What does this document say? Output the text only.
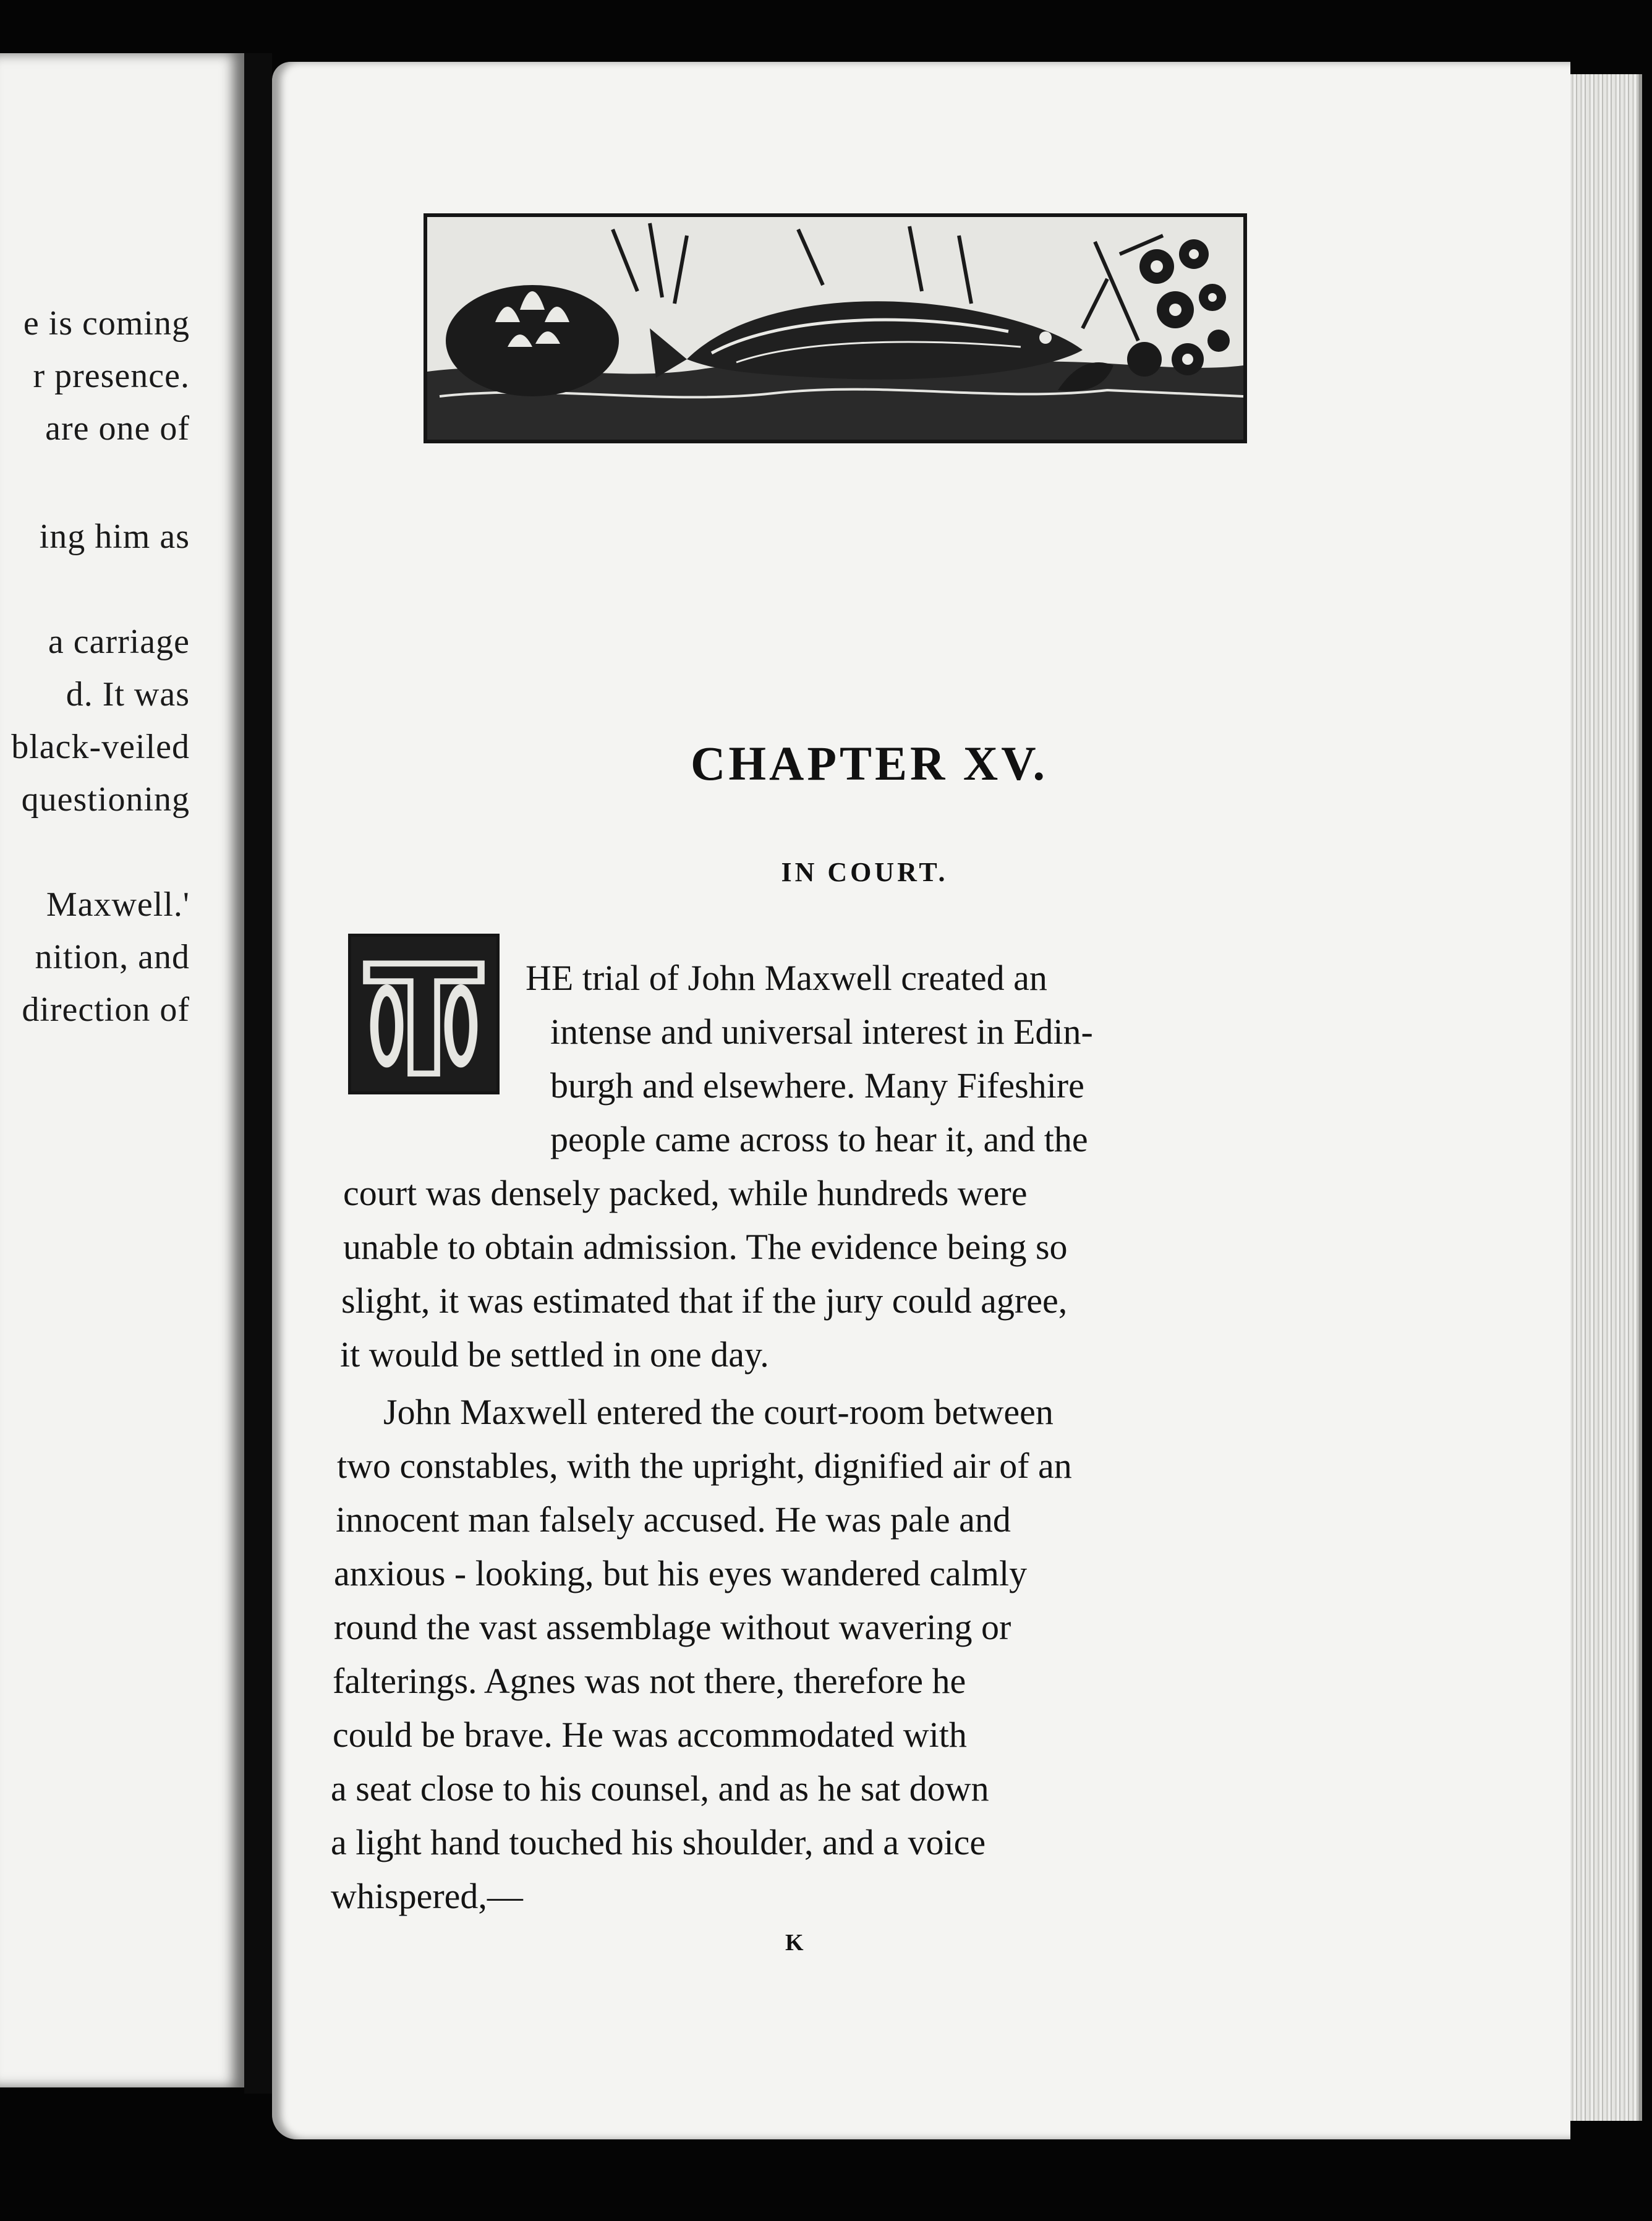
e is coming

r presence.

are one of

ing him as

a carriage

d. It was

black-veiled

questioning

Maxwell.'

nition, and

direction of

CHAPTER XV.

IN COURT.

HE trial of John Maxwell created an

intense and universal interest in Edin-

burgh and elsewhere. Many Fifeshire

people came across to hear it, and the

court was densely packed, while hundreds were

unable to obtain admission. The evidence being so

slight, it was estimated that if the jury could agree,

it would be settled in one day.

John Maxwell entered the court-room between

two constables, with the upright, dignified air of an

innocent man falsely accused. He was pale and

anxious - looking, but his eyes wandered calmly

round the vast assemblage without wavering or

falterings. Agnes was not there, therefore he

could be brave. He was accommodated with

a seat close to his counsel, and as he sat down

a light hand touched his shoulder, and a voice

whispered,—

K
